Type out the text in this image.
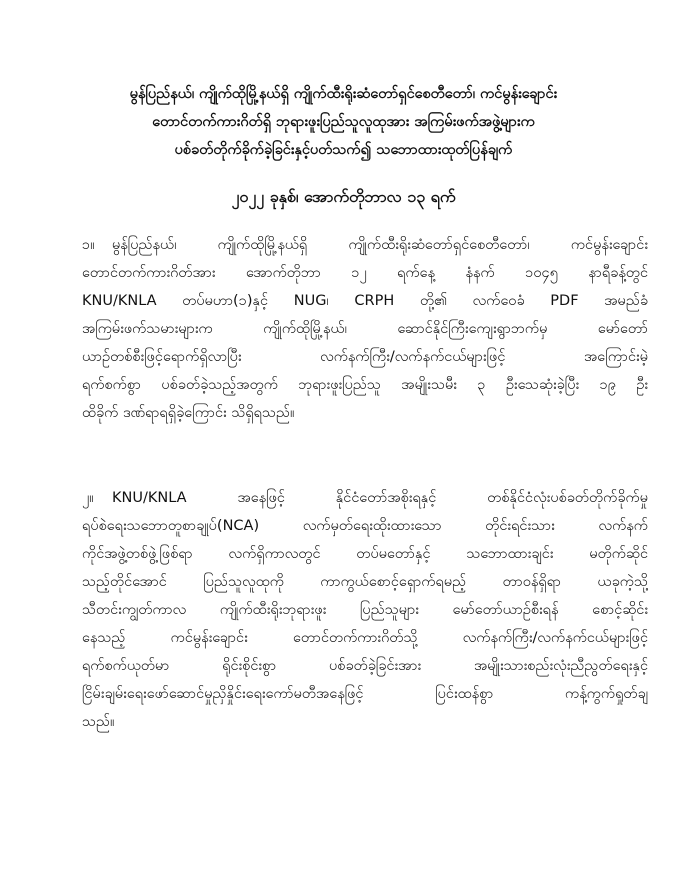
မွန်ပြည်နယ်၊ ကျိုက်ထိုမြို့နယ်ရှိ ကျိုက်ထီးရိုးဆံတော်ရှင်စေတီတော်၊ ကင်မွန်းချောင်း
တောင်တက်ကားဂိတ်ရှိ ဘုရားဖူးပြည်သူလူထုအား အကြမ်းဖက်အဖွဲ့များက
ပစ်ခတ်တိုက်ခိုက်ခဲ့ခြင်းနှင့်ပတ်သက်၍ သဘောထားထုတ်ပြန်ချက်
၂၀၂၂ ခုနှစ်၊ အောက်တိုဘာလ ၁၃ ရက်
၁။ မွန်ပြည်နယ်၊ ကျိုက်ထိုမြို့နယ်ရှိ ကျိုက်ထီးရိုးဆံတော်ရှင်စေတီတော်၊ ကင်မွန်းချောင်း
တောင်တက်ကားဂိတ်အား အောက်တိုဘာ ၁၂ ရက်နေ့ နံနက် ၁၀၄၅ နာရီခန့်တွင်
KNU/KNLA တပ်မဟာ(၁)နှင့် NUG၊ CRPH တို့၏ လက်ဝေခံ PDF အမည်ခံ
အကြမ်းဖက်သမားများက ကျိုက်ထိုမြို့နယ်၊ ဆောင်နိုင်ကြီးကျေးရွာဘက်မှ မော်တော်
ယာဉ်တစ်စီးဖြင့်ရောက်ရှိလာပြီး လက်နက်ကြီး/လက်နက်ငယ်များဖြင့် အကြောင်းမဲ့
ရက်စက်စွာ ပစ်ခတ်ခဲ့သည့်အတွက် ဘုရားဖူးပြည်သူ အမျိုးသမီး ၃ ဦးသေဆုံးခဲ့ပြီး ၁၉ ဦး
ထိခိုက် ဒဏ်ရာရရှိခဲ့ကြောင်း သိရှိရသည်။
၂။ KNU/KNLA အနေဖြင့် နိုင်ငံတော်အစိုးရနှင့် တစ်နိုင်ငံလုံးပစ်ခတ်တိုက်ခိုက်မှု
ရပ်စဲရေးသဘောတူစာချုပ်(NCA) လက်မှတ်ရေးထိုးထားသော တိုင်းရင်းသား လက်နက်
ကိုင်အဖွဲ့တစ်ဖွဲ့ဖြစ်ရာ လက်ရှိကာလတွင် တပ်မတော်နှင့် သဘောထားချင်း မတိုက်ဆိုင်
သည့်တိုင်အောင် ပြည်သူလူထုကို ကာကွယ်စောင့်ရှောက်ရမည့် တာဝန်ရှိရာ ယခုကဲ့သို့
သီတင်းကျွတ်ကာလ ကျိုက်ထီးရိုးဘုရားဖူး ပြည်သူများ မော်တော်ယာဉ်စီးရန် စောင့်ဆိုင်း
နေသည့် ကင်မွန်းချောင်း တောင်တက်ကားဂိတ်သို့ လက်နက်ကြီး/လက်နက်ငယ်များဖြင့်
ရက်စက်ယုတ်မာ ရိုင်းစိုင်းစွာ ပစ်ခတ်ခဲ့ခြင်းအား အမျိုးသားစည်းလုံးညီညွတ်ရေးနှင့်
ငြိမ်းချမ်းရေးဖော်ဆောင်မှုညှိနှိုင်းရေးကော်မတီအနေဖြင့် ပြင်းထန်စွာ ကန့်ကွက်ရှုတ်ချ
သည်။
